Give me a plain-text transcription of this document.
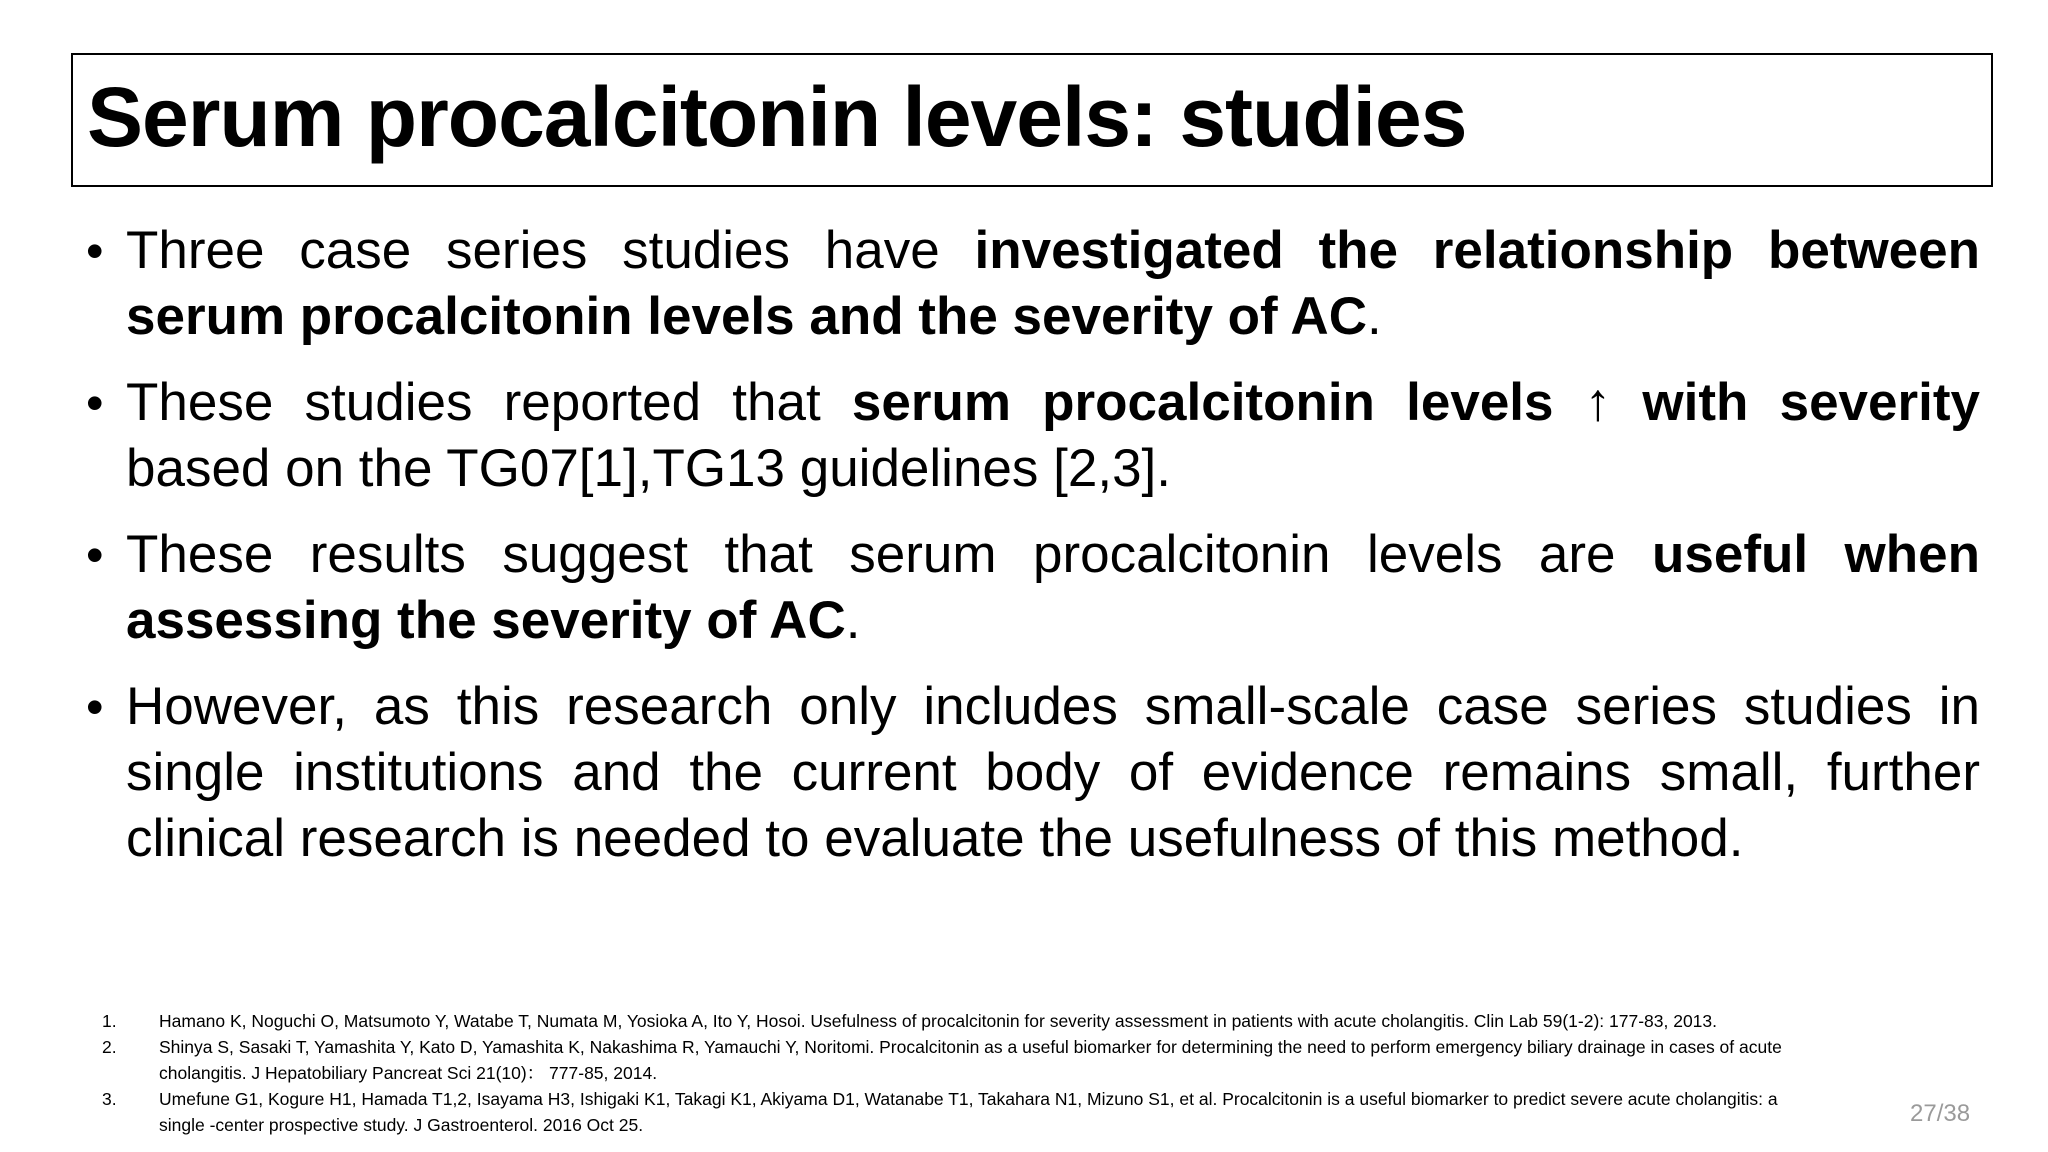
Serum procalcitonin levels: studies
• Three case series studies have investigated the relationship between serum procalcitonin levels and the severity of AC.
• These studies reported that serum procalcitonin levels ↑ with severity based on the TG07[1],TG13 guidelines [2,3].
• These results suggest that serum procalcitonin levels are useful when assessing the severity of AC.
• However, as this research only includes small-scale case series studies in single institutions and the current body of evidence remains small, further clinical research is needed to evaluate the usefulness of this method.
1. Hamano K, Noguchi O, Matsumoto Y, Watabe T, Numata M, Yosioka A, Ito Y, Hosoi. Usefulness of procalcitonin for severity assessment in patients with acute cholangitis. Clin Lab 59(1-2): 177-83, 2013.
2. Shinya S, Sasaki T, Yamashita Y, Kato D, Yamashita K, Nakashima R, Yamauchi Y, Noritomi. Procalcitonin as a useful biomarker for determining the need to perform emergency biliary drainage in cases of acute
cholangitis. J Hepatobiliary Pancreat Sci 21(10)： 777-85, 2014.
3. Umefune G1, Kogure H1, Hamada T1,2, Isayama H3, Ishigaki K1, Takagi K1, Akiyama D1, Watanabe T1, Takahara N1, Mizuno S1, et al. Procalcitonin is a useful biomarker to predict severe acute cholangitis: a
single -center prospective study. J Gastroenterol. 2016 Oct 25.	27/38
